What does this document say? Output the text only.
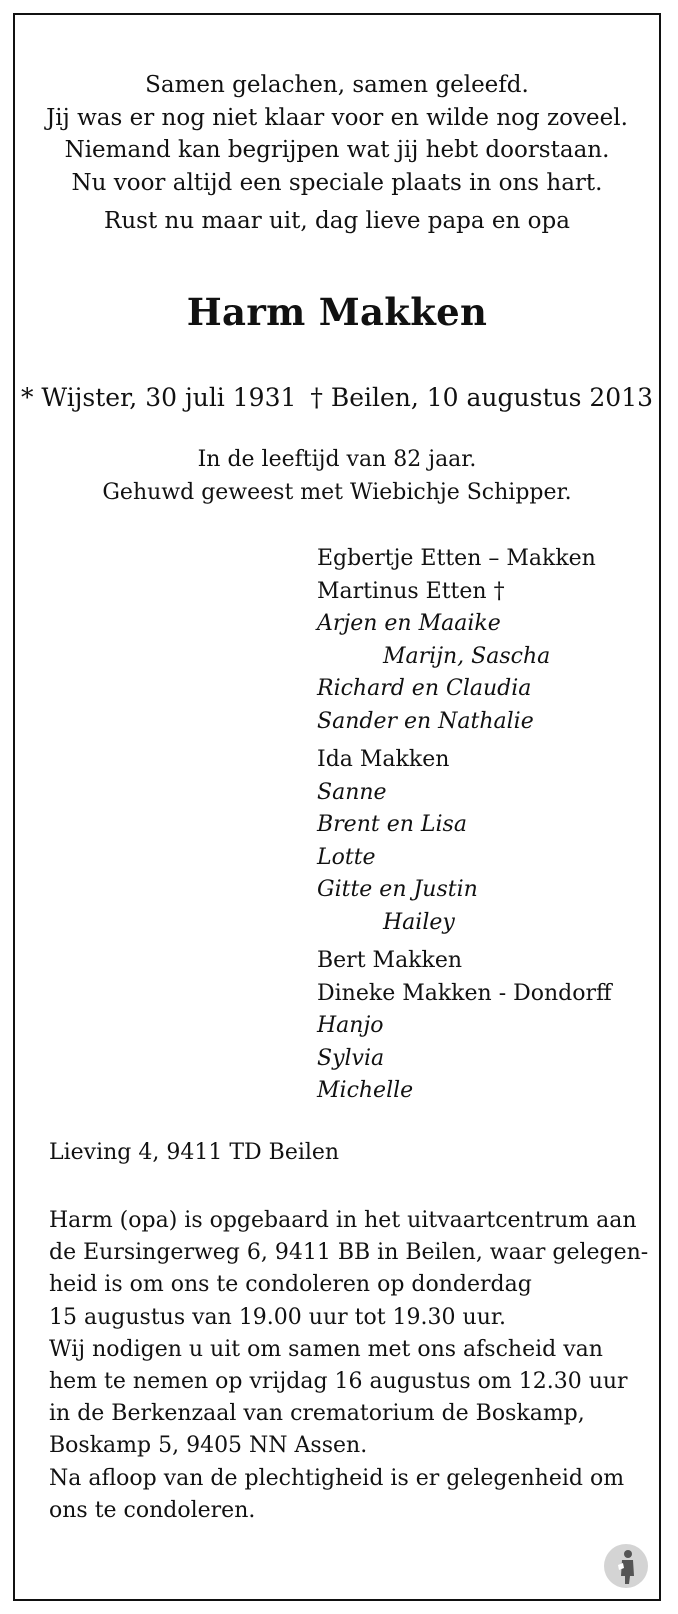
Samen gelachen, samen geleefd.
Jij was er nog niet klaar voor en wilde nog zoveel.
Niemand kan begrijpen wat jij hebt doorstaan.
Nu voor altijd een speciale plaats in ons hart.
Rust nu maar uit, dag lieve papa en opa
Harm Makken
* Wijster, 30 juli 1931 † Beilen, 10 augustus 2013
In de leeftijd van 82 jaar.
Gehuwd geweest met Wiebichje Schipper.
Egbertje Etten – Makken
Martinus Etten †
Arjen en Maaike
Marijn, Sascha
Richard en Claudia
Sander en Nathalie
Ida Makken
Sanne
Brent en Lisa
Lotte
Gitte en Justin
Hailey
Bert Makken
Dineke Makken - Dondorff
Hanjo
Sylvia
Michelle
Lieving 4, 9411 TD Beilen
Harm (opa) is opgebaard in het uitvaartcentrum aan
de Eursingerweg 6, 9411 BB in Beilen, waar gelegen-
heid is om ons te condoleren op donderdag
15 augustus van 19.00 uur tot 19.30 uur.
Wij nodigen u uit om samen met ons afscheid van
hem te nemen op vrijdag 16 augustus om 12.30 uur
in de Berkenzaal van crematorium de Boskamp,
Boskamp 5, 9405 NN Assen.
Na afloop van de plechtigheid is er gelegenheid om
ons te condoleren.
